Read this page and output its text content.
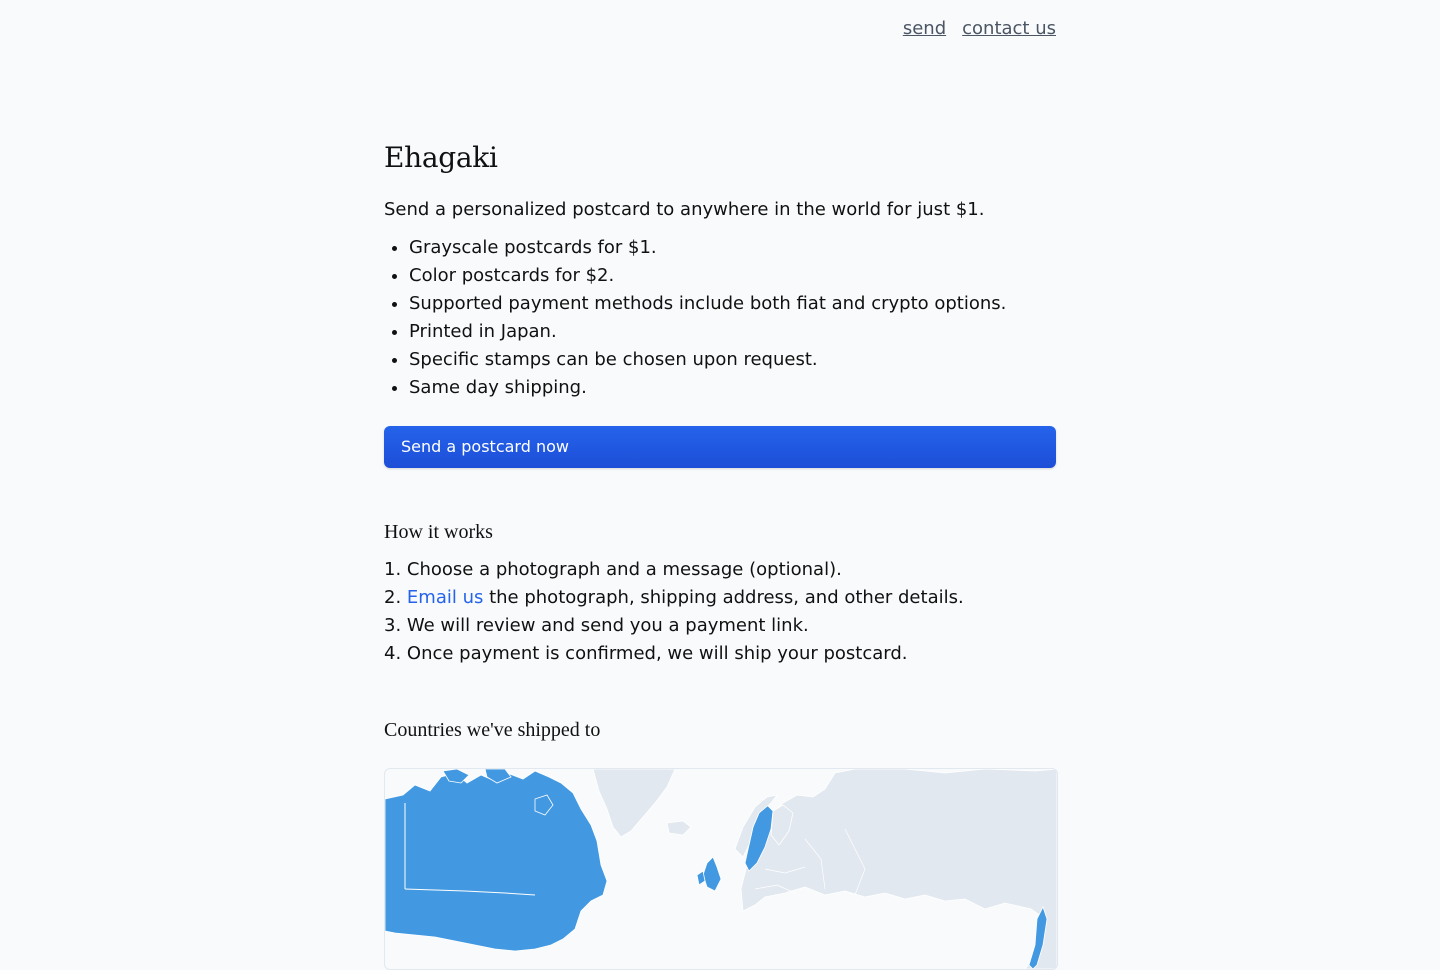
send contact us
Ehagaki

Send a personalized postcard to anywhere in the world for just $1.

• Grayscale postcards for $1.
• Color postcards for $2.
• Supported payment methods include both fiat and crypto options.
• Printed in Japan.
• Specific stamps can be chosen upon request.
• Same day shipping.
Send a postcard now
How it works
1. Choose a photograph and a message (optional).
2. Email us the photograph, shipping address, and other details.
3. We will review and send you a payment link.
4. Once payment is confirmed, we will ship your postcard.
Countries we've shipped to
